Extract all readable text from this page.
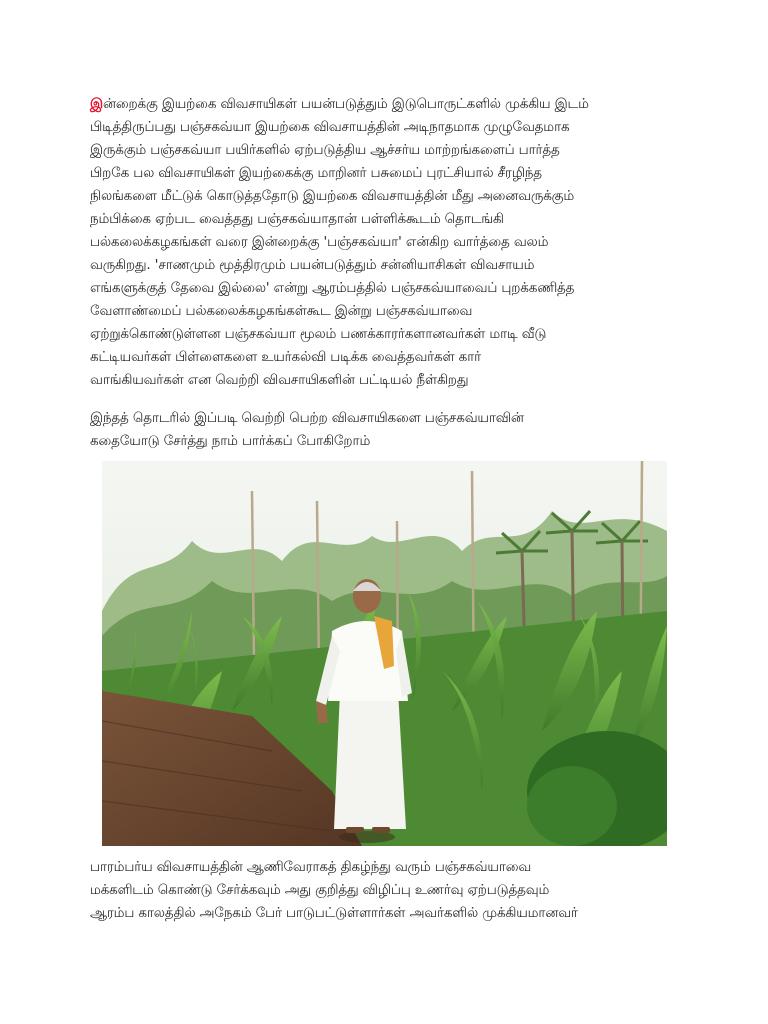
இன்றைக்கு இயற்கை விவசாயிகள் பயன்படுத்தும் இடுபொருட்களில் முக்கிய இடம்
பிடித்திருப்பது பஞ்சகவ்யா இயற்கை விவசாயத்தின் அடிநாதமாக முழுவேதமாக
இருக்கும் பஞ்சகவ்யா பயிர்களில் ஏற்படுத்திய ஆச்சர்ய மாற்றங்களைப் பார்த்த
பிறகே பல விவசாயிகள் இயற்கைக்கு மாறினர் பசுமைப் புரட்சியால் சீரழிந்த
நிலங்களை மீட்டுக் கொடுத்ததோடு இயற்கை விவசாயத்தின் மீது அனைவருக்கும்
நம்பிக்கை ஏற்பட வைத்தது பஞ்சகவ்யாதான் பள்ளிக்கூடம் தொடங்கி
பல்கலைக்கழகங்கள் வரை இன்றைக்கு 'பஞ்சகவ்யா' என்கிற வார்த்தை வலம்
வருகிறது. 'சாணமும் மூத்திரமும் பயன்படுத்தும் சன்னியாசிகள் விவசாயம்
எங்களுக்குத் தேவை இல்லை' என்று ஆரம்பத்தில் பஞ்சகவ்யாவைப் புறக்கணித்த
வேளாண்மைப் பல்கலைக்கழகங்கள்கூட இன்று பஞ்சகவ்யாவை
ஏற்றுக்கொண்டுள்ளன பஞ்சகவ்யா மூலம் பணக்காரர்களானவர்கள் மாடி வீடு
கட்டியவர்கள் பிள்ளைகளை உயர்கல்வி படிக்க வைத்தவர்கள் கார்
வாங்கியவர்கள் என வெற்றி விவசாயிகளின் பட்டியல் நீள்கிறது
இந்தத் தொடரில் இப்படி வெற்றி பெற்ற விவசாயிகளை பஞ்சகவ்யாவின்
கதையோடு சேர்த்து நாம் பார்க்கப் போகிறோம்
பாரம்பர்ய விவசாயத்தின் ஆணிவேராகத் திகழ்ந்து வரும் பஞ்சகவ்யாவை
மக்களிடம் கொண்டு சேர்க்கவும் அது குறித்து விழிப்பு உணர்வு ஏற்படுத்தவும்
ஆரம்ப காலத்தில் அநேகம் பேர் பாடுபட்டுள்ளார்கள் அவர்களில் முக்கியமானவர்
